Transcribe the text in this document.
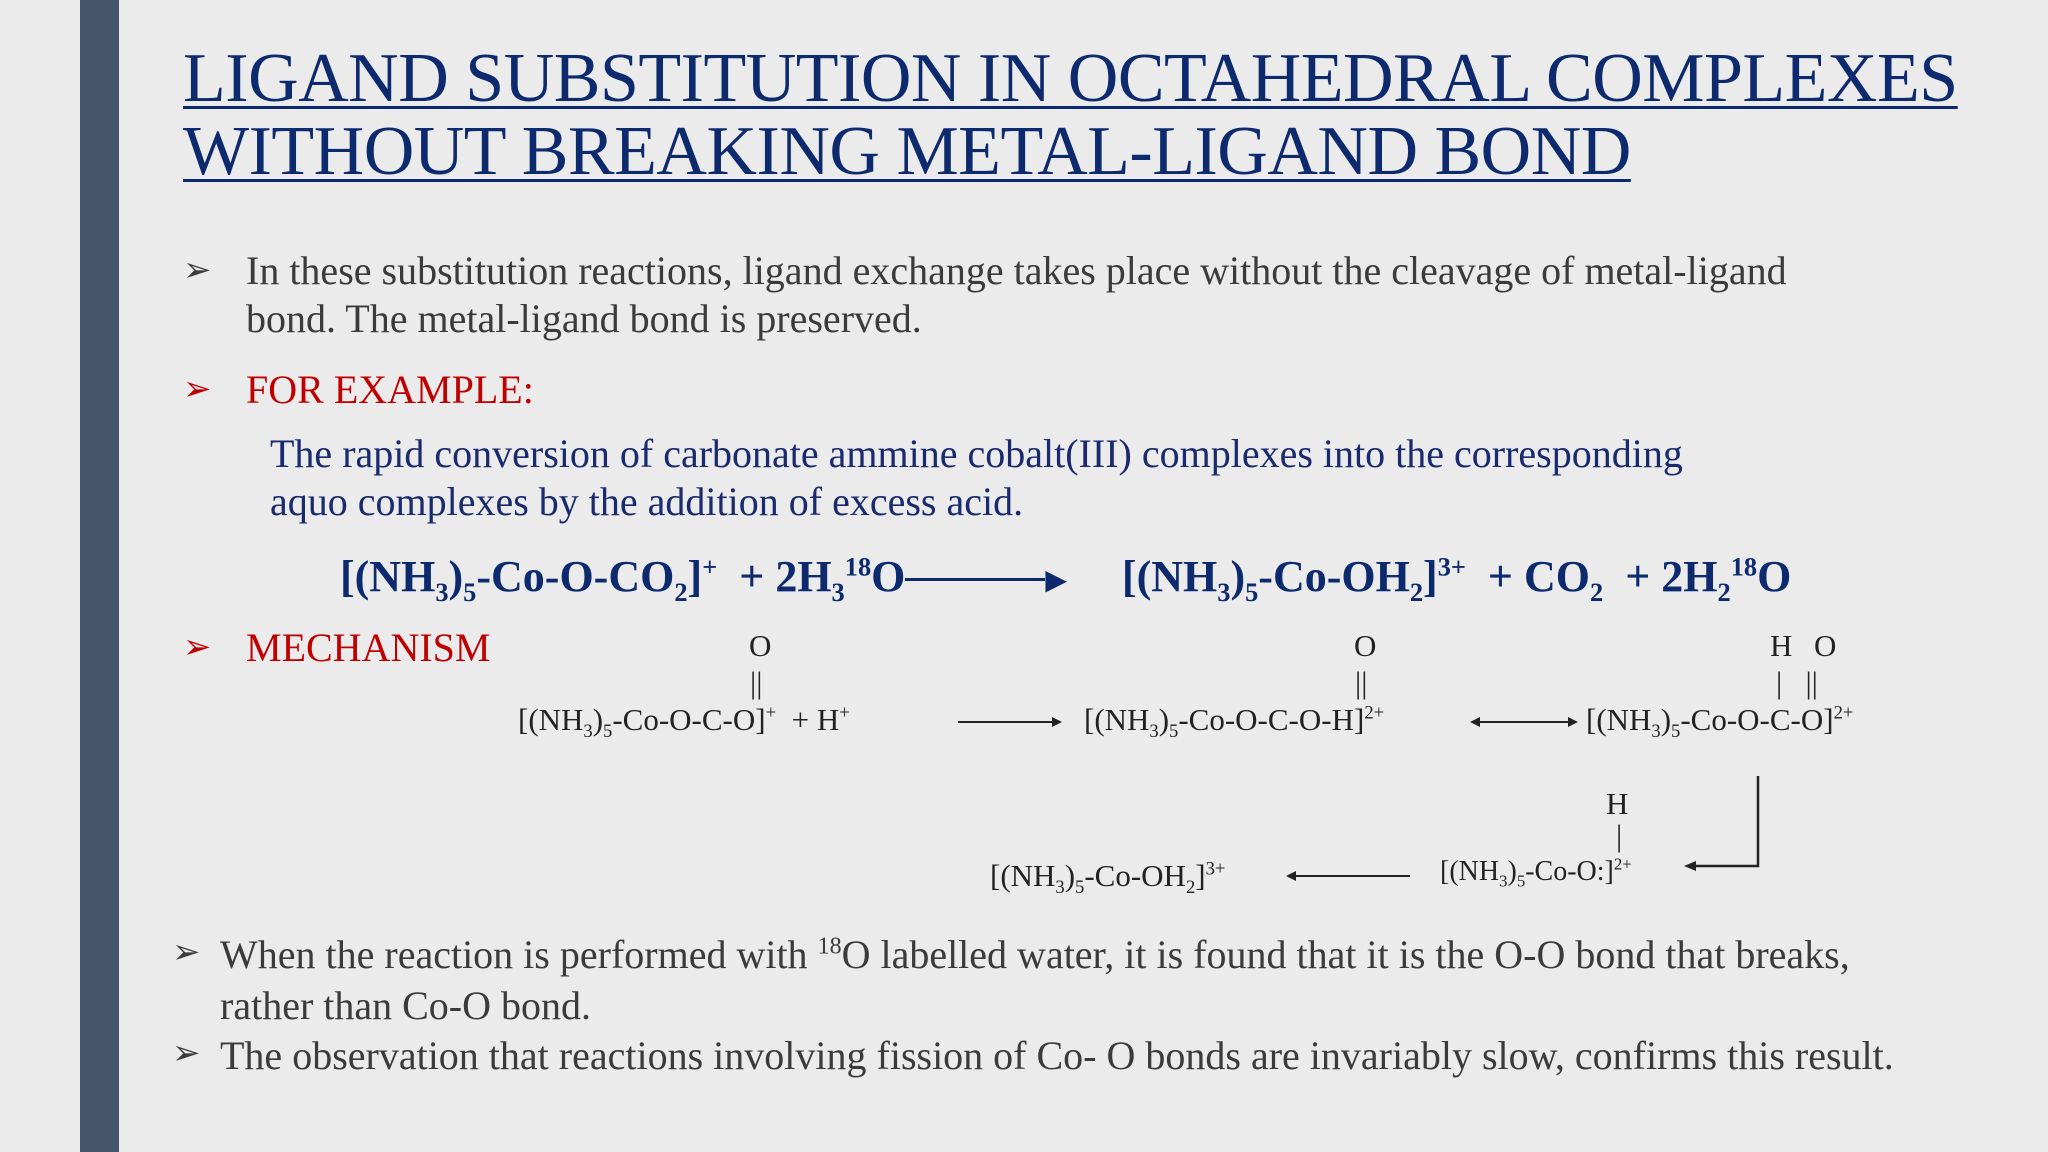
LIGAND SUBSTITUTION IN OCTAHEDRAL COMPLEXES WITHOUT BREAKING METAL-LIGAND BOND
➢ In these substitution reactions, ligand exchange takes place without the cleavage of metal-ligand bond. The metal-ligand bond is preserved.
➢ FOR EXAMPLE:
The rapid conversion of carbonate ammine cobalt(III) complexes into the corresponding aquo complexes by the addition of excess acid.
$[(NH_3)_5-Co-O-CO_2]^+ + 2H_3^{18}O$	▶     $[(NH_3)_5-Co-OH_2]^{3+} + CO_2 + 2H_2^{18}O$
➢ MECHANISM	O
||
$[(NH_3)_5-Co-O-C-O]^+ + H^+$
O
||
$[(NH_3)_5-Co-O-C-O-H]^{2+}$
H O
|   ||
$[(NH_3)_5-Co-O-C-O]^{2+}$
H
|
$[(NH_3)_5-Co-O:]^{2+}$
$[(NH_3)_5-Co-OH_2]^{3+}$
➢ When the reaction is performed with $^{18}$O labelled water, it is found that it is the O-O bond that breaks, rather than Co-O bond.
➢ The observation that reactions involving fission of Co- O bonds are invariably slow, confirms this result.
